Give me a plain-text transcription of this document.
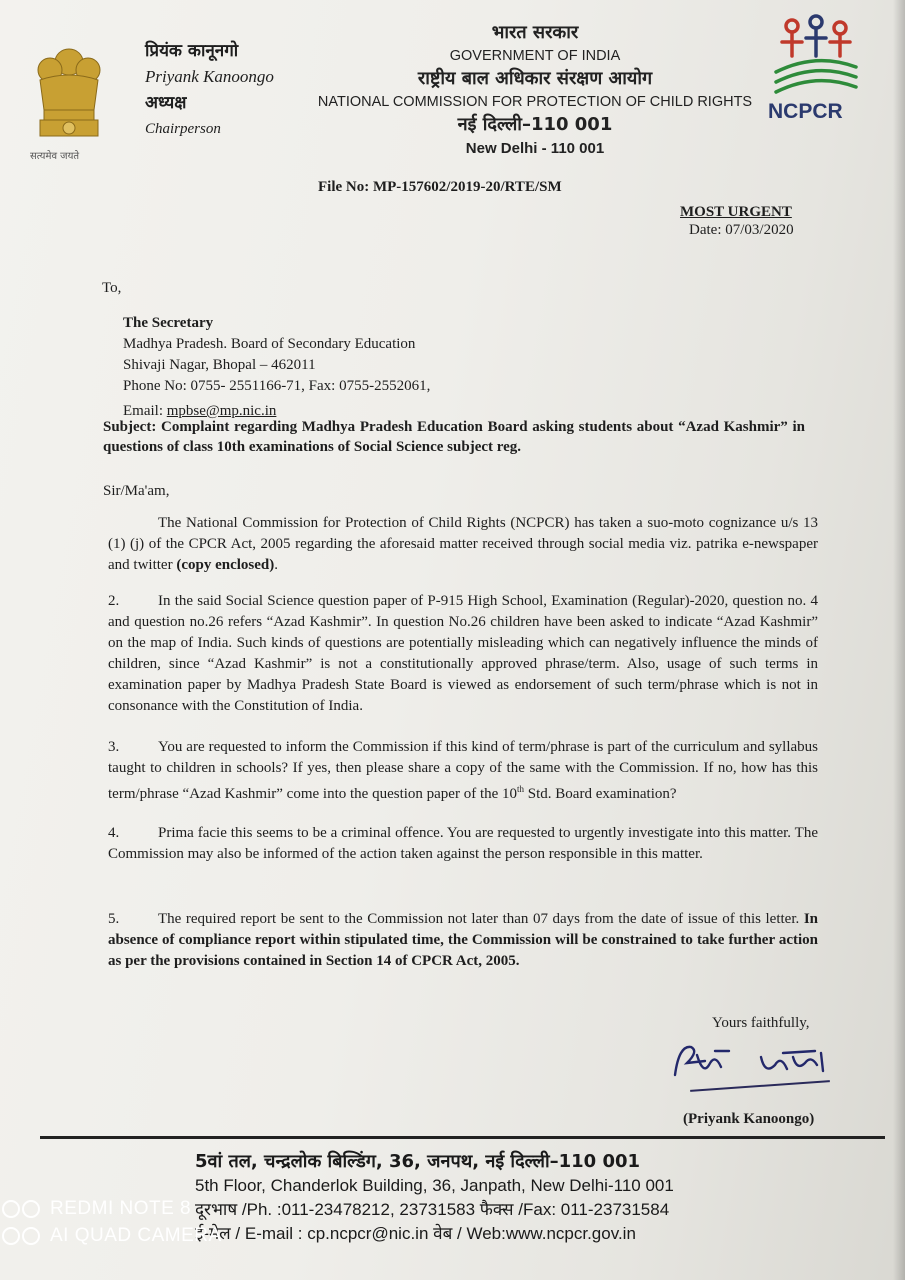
सत्यमेव जयते
प्रियंक कानूनगो
Priyank Kanoongo
अध्यक्ष
Chairperson
भारत सरकार
GOVERNMENT OF INDIA
राष्ट्रीय बाल अधिकार संरक्षण आयोग
NATIONAL COMMISSION FOR PROTECTION OF CHILD RIGHTS
नई दिल्ली–110 001
New Delhi - 110 001
NCPCR
File No: MP-157602/2019-20/RTE/SM
MOST URGENT
Date: 07/03/2020
To,
The Secretary
Madhya Pradesh. Board of Secondary Education
Shivaji Nagar, Bhopal – 462011
Phone No: 0755- 2551166-71, Fax: 0755-2552061,
Email: mpbse@mp.nic.in
Subject: Complaint regarding Madhya Pradesh Education Board asking students about “Azad Kashmir” in questions of class 10th examinations of Social Science subject reg.
Sir/Ma'am,
The National Commission for Protection of Child Rights (NCPCR) has taken a suo-moto cognizance u/s 13 (1) (j) of the CPCR Act, 2005 regarding the aforesaid matter received through social media viz. patrika e-newspaper and twitter (copy enclosed).
2.	In the said Social Science question paper of P-915 High School, Examination (Regular)-2020, question no. 4 and question no.26 refers “Azad Kashmir”. In question No.26 children have been asked to indicate “Azad Kashmir” on the map of India. Such kinds of questions are potentially misleading which can negatively influence the minds of children, since “Azad Kashmir” is not a constitutionally approved phrase/term. Also, usage of such terms in examination paper by Madhya Pradesh State Board is viewed as endorsement of such term/phrase which is not in consonance with the Constitution of India.
3.	You are requested to inform the Commission if this kind of term/phrase is part of the curriculum and syllabus taught to children in schools? If yes, then please share a copy of the same with the Commission. If no, how has this term/phrase “Azad Kashmir” come into the question paper of the 10th Std. Board examination?
4.	Prima facie this seems to be a criminal offence. You are requested to urgently investigate into this matter. The Commission may also be informed of the action taken against the person responsible in this matter.
5.	The required report be sent to the Commission not later than 07 days from the date of issue of this letter. In absence of compliance report within stipulated time, the Commission will be constrained to take further action as per the provisions contained in Section 14 of CPCR Act, 2005.
Yours faithfully,
(Priyank Kanoongo)
5वां तल, चन्द्रलोक बिल्डिंग, 36, जनपथ, नई दिल्ली–110 001
5th Floor, Chanderlok Building, 36, Janpath, New Delhi-110 001
दूरभाष /Ph. :011-23478212, 23731583 फैक्स /Fax: 011-23731584
ई-मेल / E-mail : cp.ncpcr@nic.in वेब / Web:www.ncpcr.gov.in
REDMI NOTE 8
AI QUAD CAMERA
